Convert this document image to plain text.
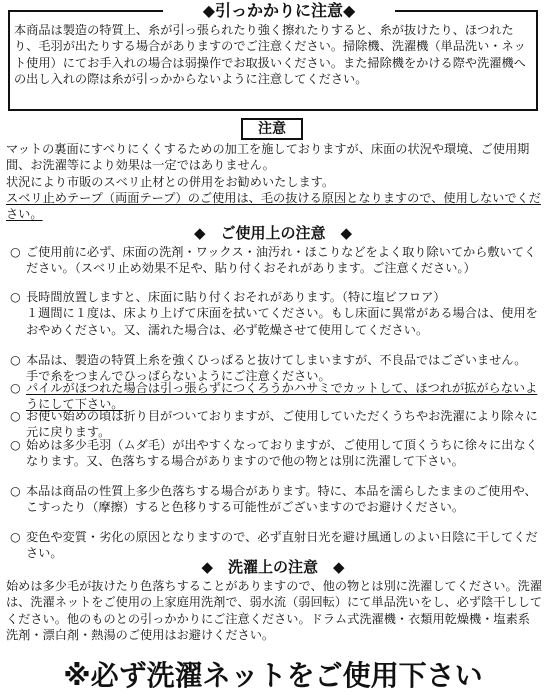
◆引っかかりに注意◆
本商品は製造の特質上、糸が引っ張られたり強く擦れたりすると、糸が抜けたり、ほつれたり、毛羽が出たりする場合がありますのでご注意ください。掃除機、洗濯機（単品洗い・ネット使用）にてお手入れの場合は弱操作でお取扱いください。また掃除機をかける際や洗濯機への出し入れの際は糸が引っかからないように注意してください。
注意
マットの裏面にすべりにくくするための加工を施しておりますが、床面の状況や環境、ご使用期間、お洗濯等により効果は一定ではありません。
状況により市販のスベリ止材との併用をお勧めいたします。
スベリ止めテープ（両面テープ）のご使用は、毛の抜ける原因となりますので、使用しないでください。
◆　ご使用上の注意　◆
○ ご使用前に必ず、床面の洗剤・ワックス・油汚れ・ほこりなどをよく取り除いてから敷いてください。（スベリ止め効果不足や、貼り付くおそれがあります。ご注意ください。）
○ 長時間放置しますと、床面に貼り付くおそれがあります。（特に塩ビフロア）
１週間に１度は、床より上げて床面を拭いてください。もし床面に異常がある場合は、使用をおやめください。又、濡れた場合は、必ず乾燥させて使用してください。
○ 本品は、製造の特質上糸を強くひっぱると抜けてしまいますが、不良品ではございません。手で糸をつまんでひっぱらないようにご注意ください。
○ パイルがほつれた場合は引っ張らずにつくろうかハサミでカットして、ほつれが拡がらないようにして下さい。
○ お使い始めの頃は折り目がついておりますが、ご使用していただくうちやお洗濯により除々に元に戻ります。
○ 始めは多少毛羽（ムダ毛）が出やすくなっておりますが、ご使用して頂くうちに徐々に出なくなります。又、色落ちする場合がありますので他の物とは別に洗濯して下さい。
○ 本品は商品の性質上多少色落ちする場合があります。特に、本品を濡らしたままのご使用や、こすったり（摩擦）すると色移りする可能性がございますのでお避けください。
○ 変色や変質・劣化の原因となりますので、必ず直射日光を避け風通しのよい日陰に干してください。
◆　洗濯上の注意　◆
始めは多少毛が抜けたり色落ちすることがありますので、他の物とは別に洗濯してください。洗濯は、洗濯ネットをご使用の上家庭用洗剤で、弱水流（弱回転）にて単品洗いをし、必ず陰干ししてください。他のものとの引っかかりにご注意ください。ドラム式洗濯機・衣類用乾燥機・塩素系洗剤・漂白剤・熱湯のご使用はお避けください。
※必ず洗濯ネットをご使用下さい
